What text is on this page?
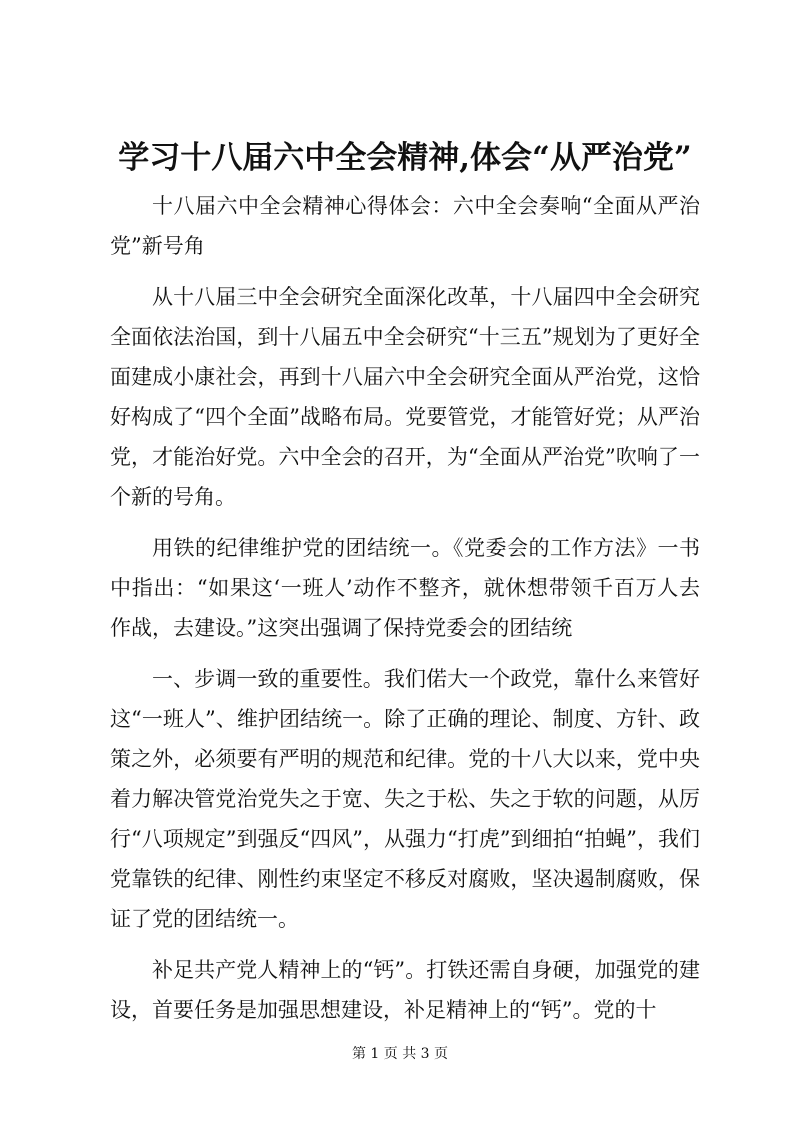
学习十八届六中全会精神,体会“从严治党”

十八届六中全会精神心得体会：六中全会奏响“全面从严治党”新号角

从十八届三中全会研究全面深化改革，十八届四中全会研究全面依法治国，到十八届五中全会研究“十三五”规划为了更好全面建成小康社会，再到十八届六中全会研究全面从严治党，这恰好构成了“四个全面”战略布局。党要管党，才能管好党；从严治党，才能治好党。六中全会的召开，为“全面从严治党”吹响了一个新的号角。

用铁的纪律维护党的团结统一。《党委会的工作方法》一书中指出：“如果这‘一班人’动作不整齐，就休想带领千百万人去作战，去建设。”这突出强调了保持党委会的团结统

一、步调一致的重要性。我们偌大一个政党，靠什么来管好这“一班人”、维护团结统一。除了正确的理论、制度、方针、政策之外，必须要有严明的规范和纪律。党的十八大以来，党中央着力解决管党治党失之于宽、失之于松、失之于软的问题，从厉行“八项规定”到强反“四风”，从强力“打虎”到细拍“拍蝇”，我们党靠铁的纪律、刚性约束坚定不移反对腐败，坚决遏制腐败，保证了党的团结统一。

补足共产党人精神上的“钙”。打铁还需自身硬，加强党的建设，首要任务是加强思想建设，补足精神上的“钙”。党的十

第 1 页 共 3 页
